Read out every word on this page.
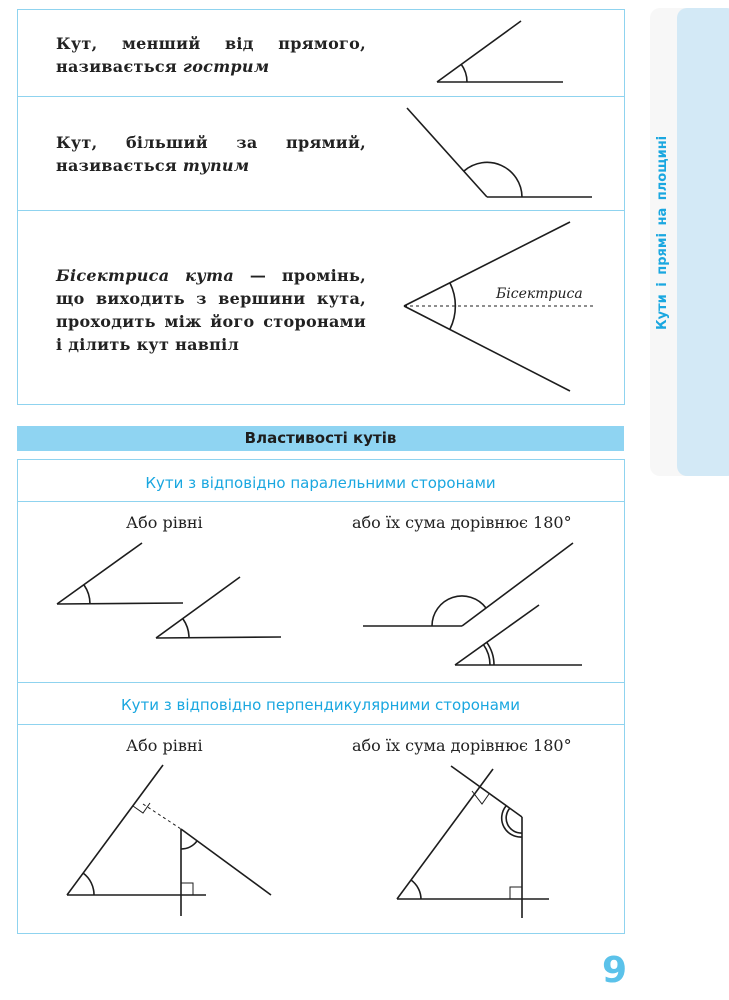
Кути і прямі на площині
Кут, менший від прямого, називається гострим
Кут, більший за прямий, називається тупим
Бісектриса кута — промінь, що виходить з вершини кута, проходить між його сторонами і ділить кут навпіл
Бісектриса
Властивості кутів
Кути з відповідно паралельними сторонами
Або рівні	або їх сума дорівнює 180°
Кути з відповідно перпендикулярними сторонами
Або рівні	або їх сума дорівнює 180°
9
